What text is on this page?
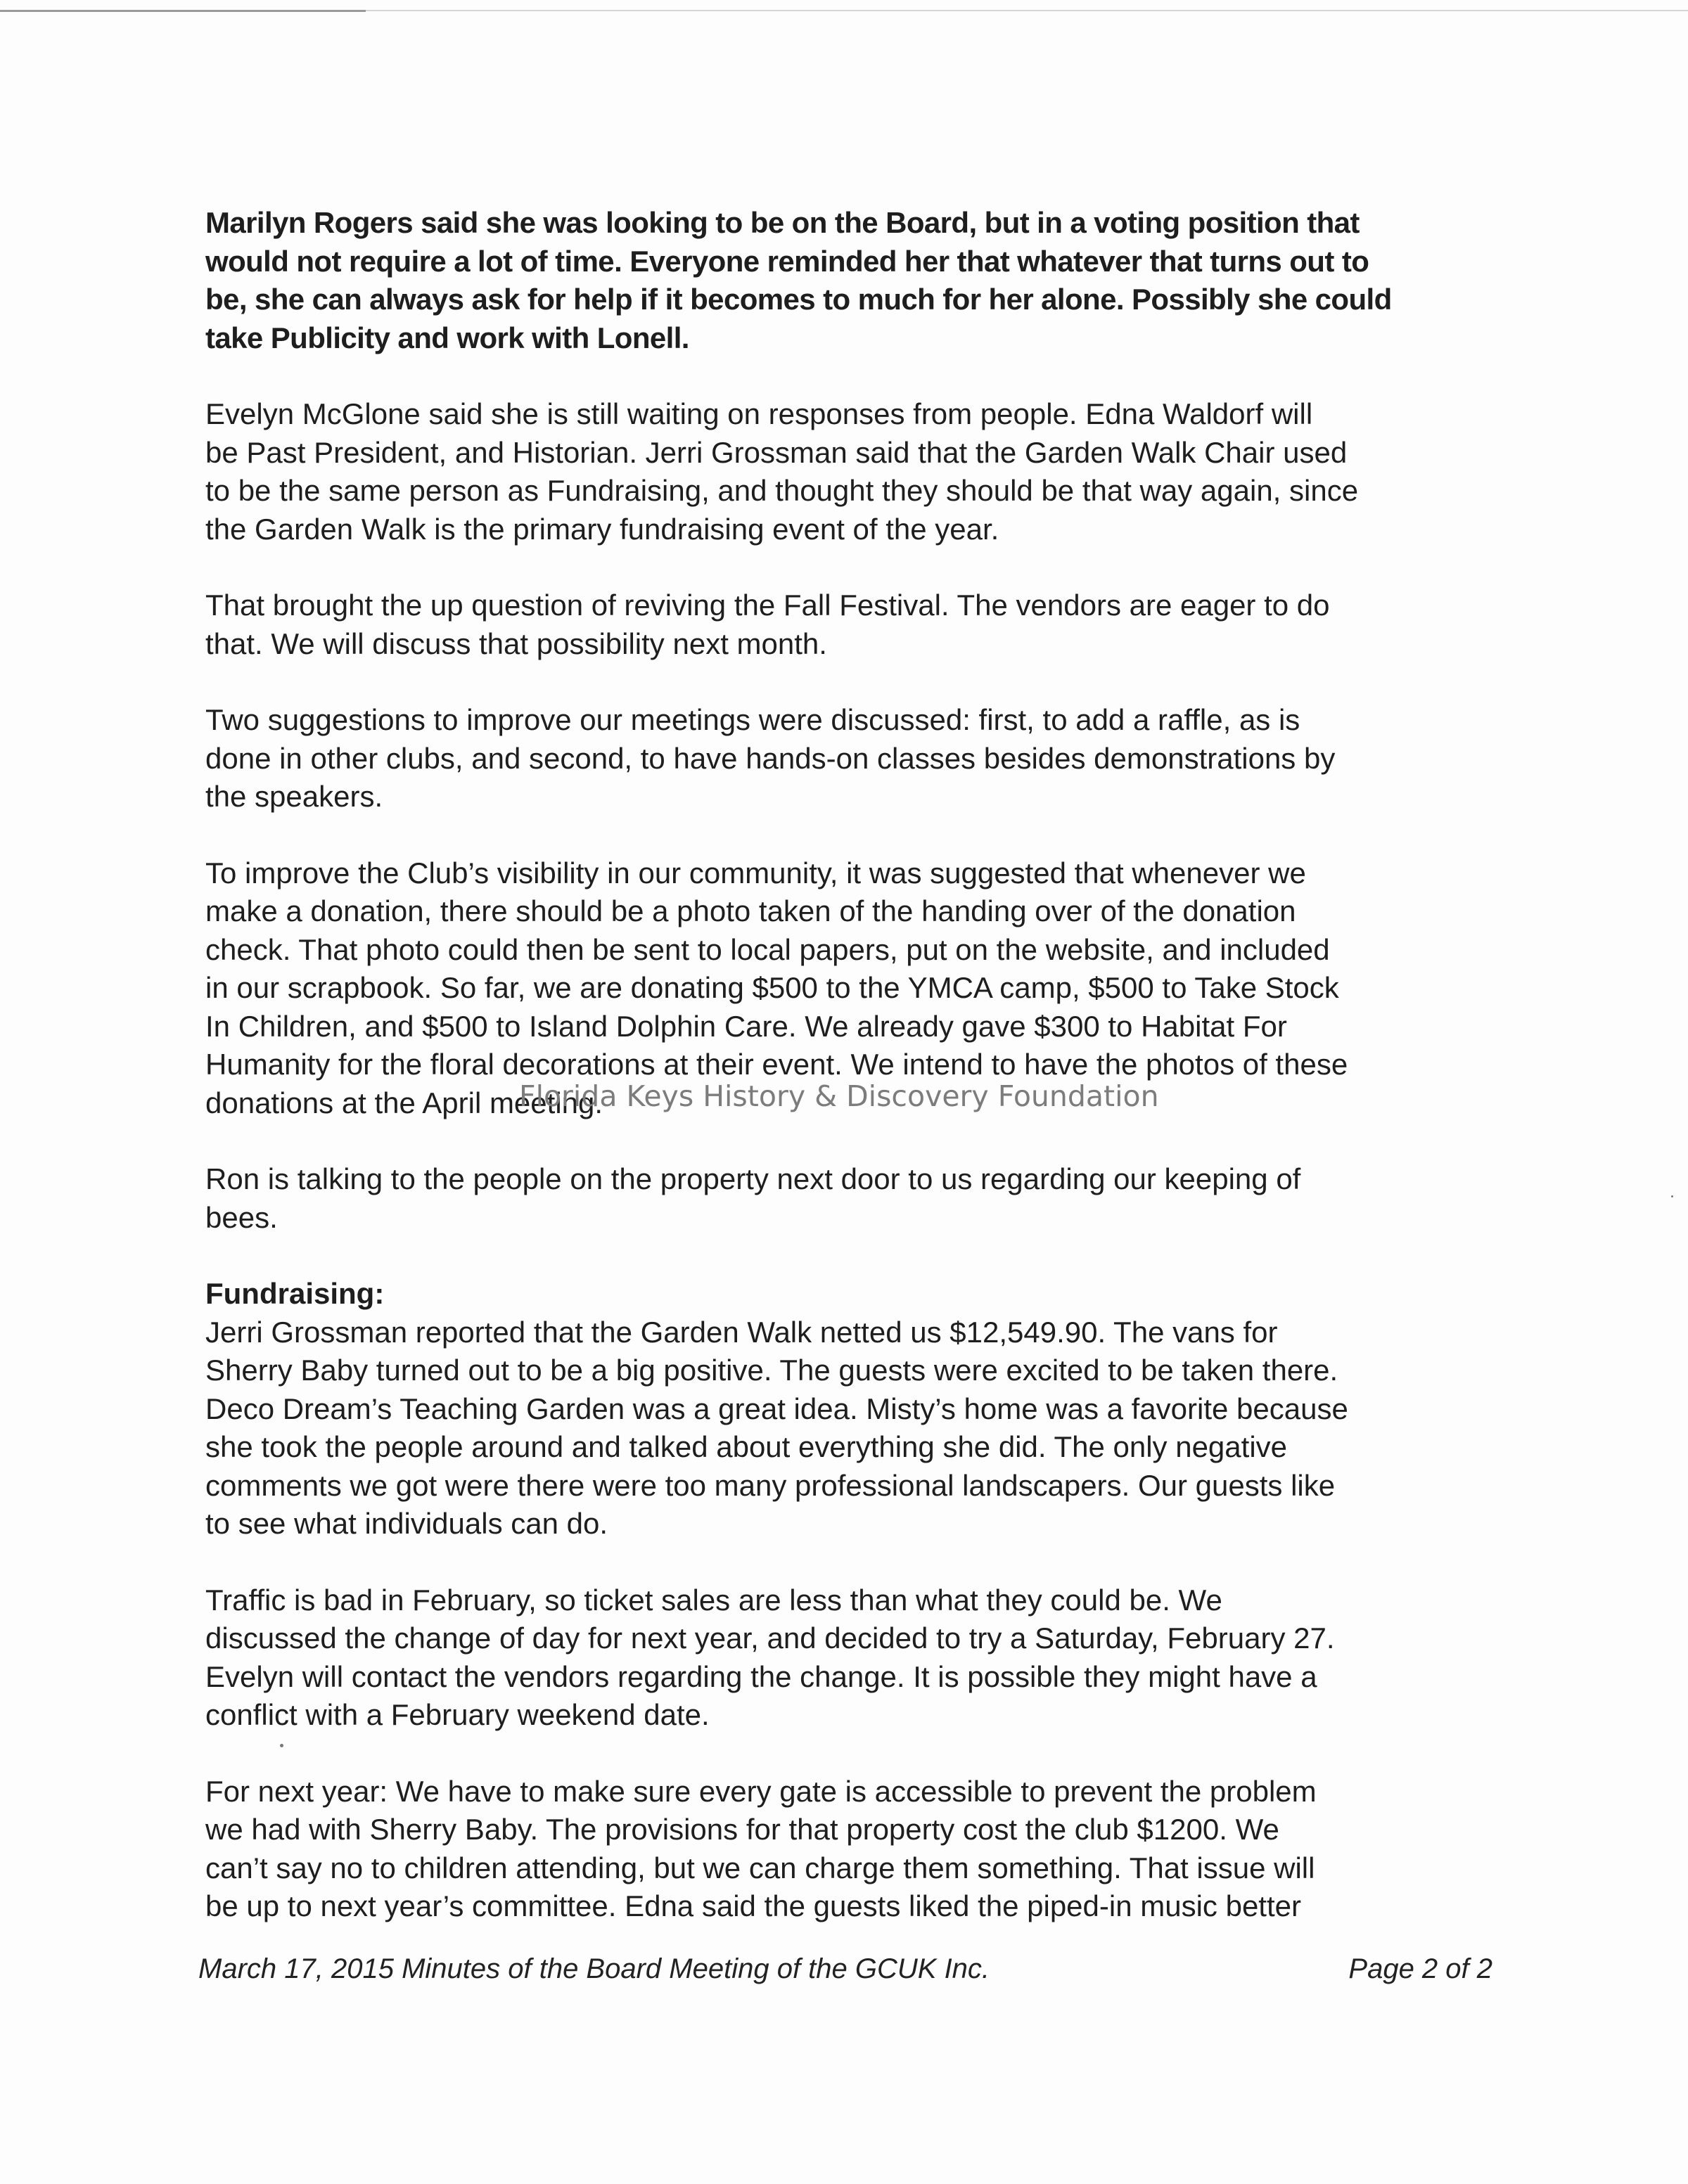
Marilyn Rogers said she was looking to be on the Board, but in a voting position that
would not require a lot of time. Everyone reminded her that whatever that turns out to
be, she can always ask for help if it becomes to much for her alone. Possibly she could
take Publicity and work with Lonell.

Evelyn McGlone said she is still waiting on responses from people. Edna Waldorf will
be Past President, and Historian. Jerri Grossman said that the Garden Walk Chair used
to be the same person as Fundraising, and thought they should be that way again, since
the Garden Walk is the primary fundraising event of the year.

That brought the up question of reviving the Fall Festival. The vendors are eager to do
that. We will discuss that possibility next month.

Two suggestions to improve our meetings were discussed: first, to add a raffle, as is
done in other clubs, and second, to have hands-on classes besides demonstrations by
the speakers.

To improve the Club’s visibility in our community, it was suggested that whenever we
make a donation, there should be a photo taken of the handing over of the donation
check. That photo could then be sent to local papers, put on the website, and included
in our scrapbook. So far, we are donating $500 to the YMCA camp, $500 to Take Stock
In Children, and $500 to Island Dolphin Care. We already gave $300 to Habitat For
Humanity for the floral decorations at their event. We intend to have the photos of these
donations at the April meeting.

Ron is talking to the people on the property next door to us regarding our keeping of
bees.

Fundraising:

Jerri Grossman reported that the Garden Walk netted us $12,549.90. The vans for
Sherry Baby turned out to be a big positive. The guests were excited to be taken there.
Deco Dream’s Teaching Garden was a great idea. Misty’s home was a favorite because
she took the people around and talked about everything she did. The only negative
comments we got were there were too many professional landscapers. Our guests like
to see what individuals can do.

Traffic is bad in February, so ticket sales are less than what they could be. We
discussed the change of day for next year, and decided to try a Saturday, February 27.
Evelyn will contact the vendors regarding the change. It is possible they might have a
conflict with a February weekend date.

For next year: We have to make sure every gate is accessible to prevent the problem
we had with Sherry Baby. The provisions for that property cost the club $1200. We
can’t say no to children attending, but we can charge them something. That issue will
be up to next year’s committee. Edna said the guests liked the piped-in music better

Florida Keys History & Discovery Foundation
March 17, 2015 Minutes of the Board Meeting of the GCUK Inc.	Page 2 of 2
